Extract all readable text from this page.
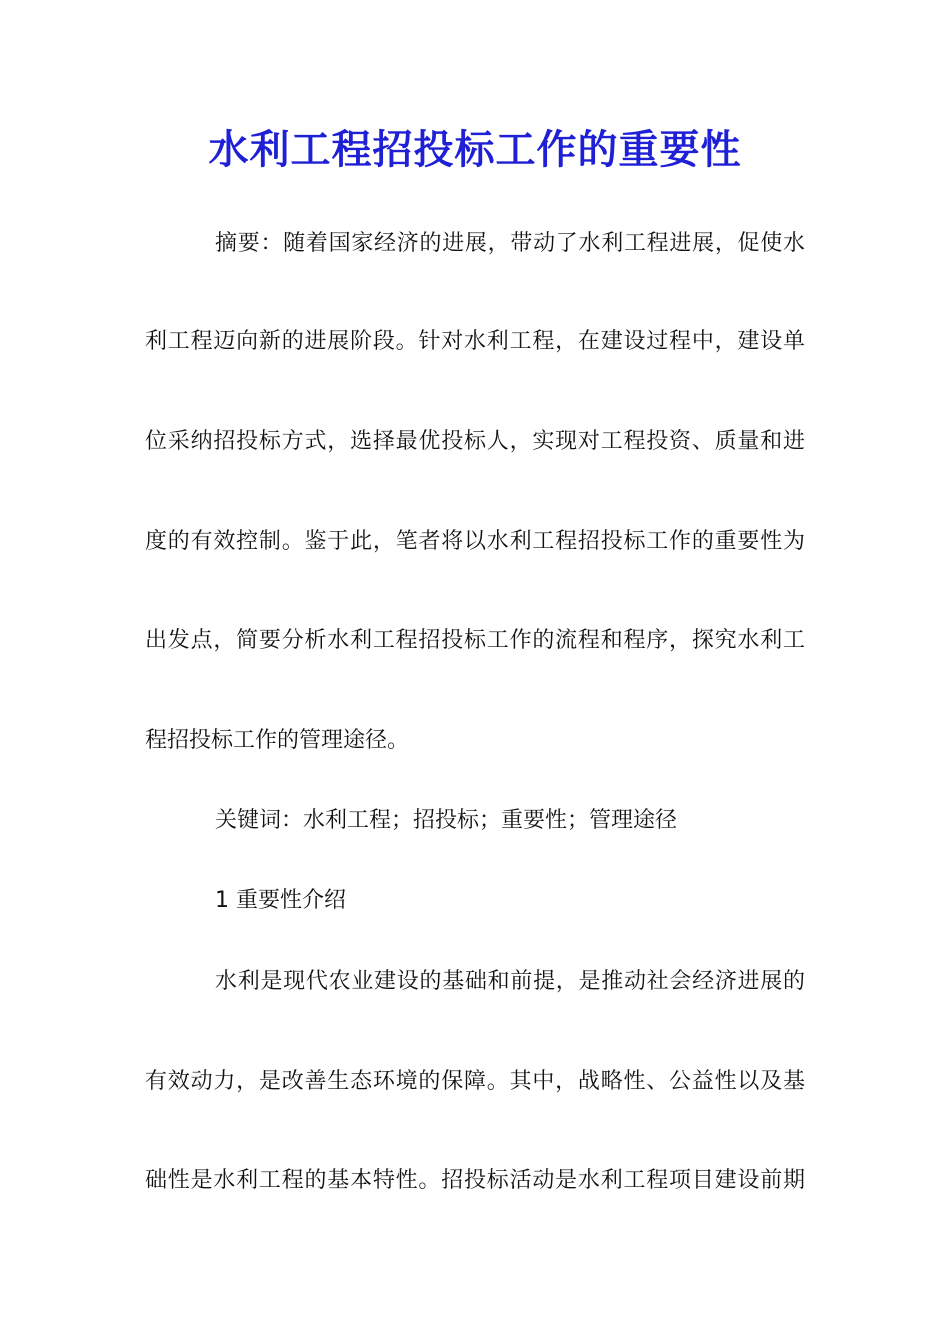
水利工程招投标工作的重要性

摘要：随着国家经济的进展，带动了水利工程进展，促使水

利工程迈向新的进展阶段。针对水利工程，在建设过程中，建设单

位采纳招投标方式，选择最优投标人，实现对工程投资、质量和进

度的有效控制。鉴于此，笔者将以水利工程招投标工作的重要性为

出发点，简要分析水利工程招投标工作的流程和程序，探究水利工

程招投标工作的管理途径。

关键词：水利工程；招投标；重要性；管理途径

1 重要性介绍

水利是现代农业建设的基础和前提，是推动社会经济进展的

有效动力，是改善生态环境的保障。其中，战略性、公益性以及基

础性是水利工程的基本特性。招投标活动是水利工程项目建设前期
